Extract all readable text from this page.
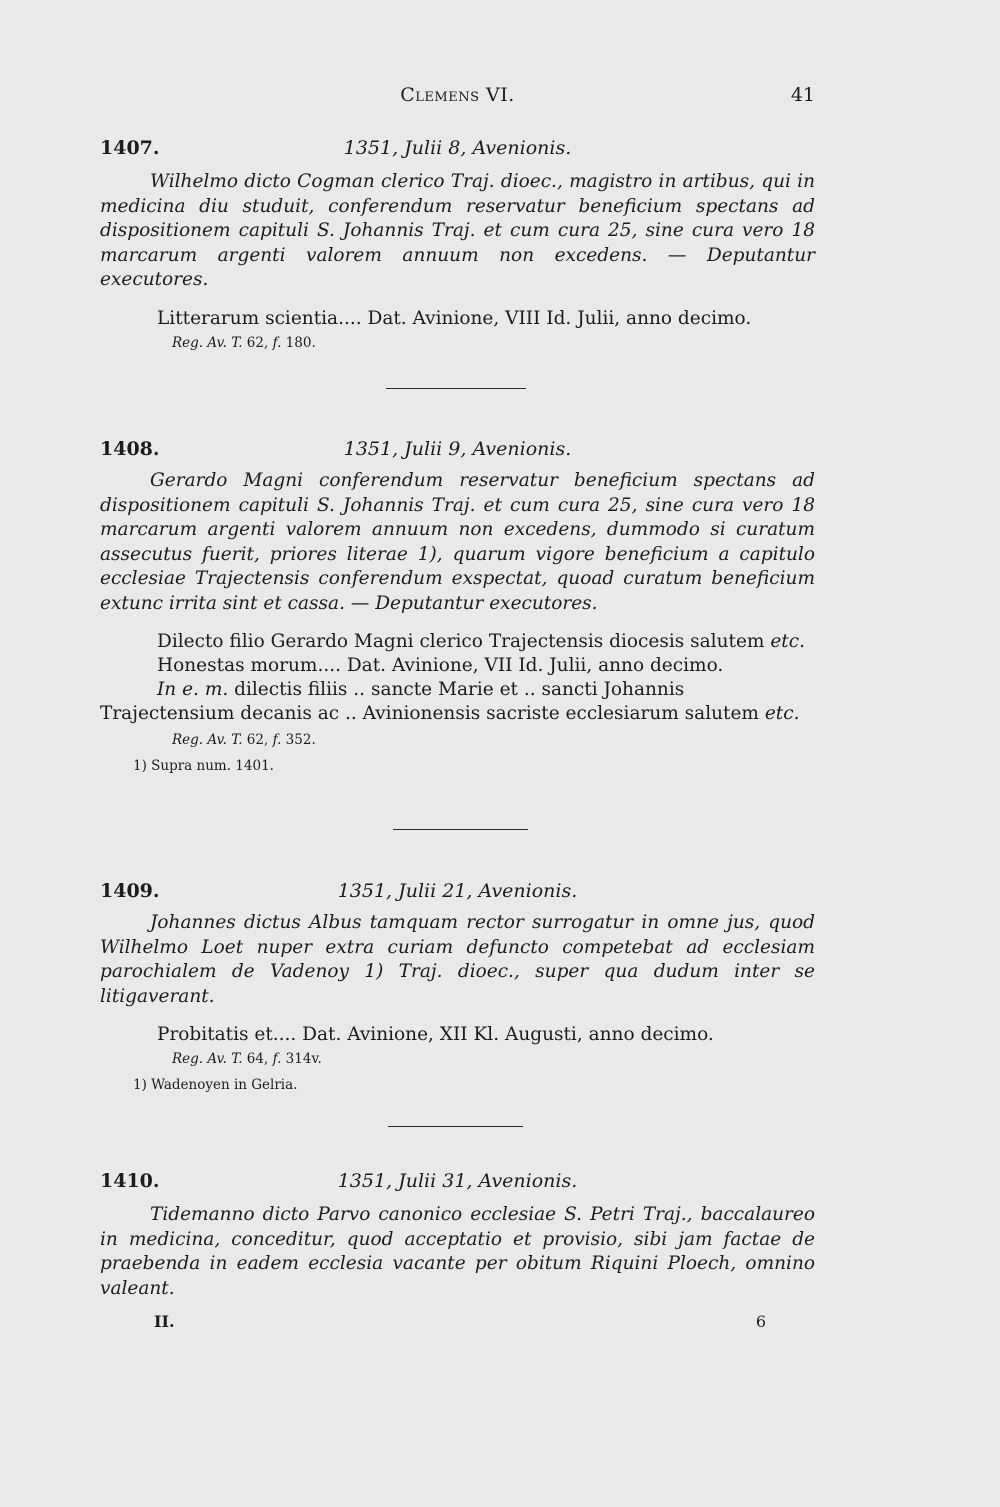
Clemens VI.	41
1407.	1351, Julii 8, Avenionis.

Wilhelmo dicto Cogman clerico Traj. dioec., magistro in artibus, qui in medicina diu studuit, conferendum reservatur beneficium spectans ad dispositionem capituli S. Johannis Traj. et cum cura 25, sine cura vero 18 marcarum argenti valorem annuum non excedens. — Deputantur executores.

Litterarum scientia.... Dat. Avinione, VIII Id. Julii, anno decimo.

Reg. Av. T. 62, f. 180.

1408.	1351, Julii 9, Avenionis.

Gerardo Magni conferendum reservatur beneficium spectans ad dispositionem capituli S. Johannis Traj. et cum cura 25, sine cura vero 18 marcarum argenti valorem annuum non excedens, dummodo si curatum assecutus fuerit, priores literae 1), quarum vigore beneficium a capitulo ecclesiae Trajectensis conferendum exspectat, quoad curatum beneficium extunc irrita sint et cassa. — Deputantur executores.

Dilecto filio Gerardo Magni clerico Trajectensis diocesis salutem etc.

Honestas morum.... Dat. Avinione, VII Id. Julii, anno decimo.

In e. m. dilectis filiis .. sancte Marie et .. sancti Johannis Trajectensium decanis ac .. Avinionensis sacriste ecclesiarum salutem etc.

Reg. Av. T. 62, f. 352.

1) Supra num. 1401.

1409.	1351, Julii 21, Avenionis.

Johannes dictus Albus tamquam rector surrogatur in omne jus, quod Wilhelmo Loet nuper extra curiam defuncto competebat ad ecclesiam parochialem de Vadenoy 1) Traj. dioec., super qua dudum inter se litigaverant.

Probitatis et.... Dat. Avinione, XII Kl. Augusti, anno decimo.

Reg. Av. T. 64, f. 314v.

1) Wadenoyen in Gelria.

1410.	1351, Julii 31, Avenionis.

Tidemanno dicto Parvo canonico ecclesiae S. Petri Traj., baccalaureo in medicina, conceditur, quod acceptatio et provisio, sibi jam factae de praebenda in eadem ecclesia vacante per obitum Riquini Ploech, omnino valeant.

II.	6
